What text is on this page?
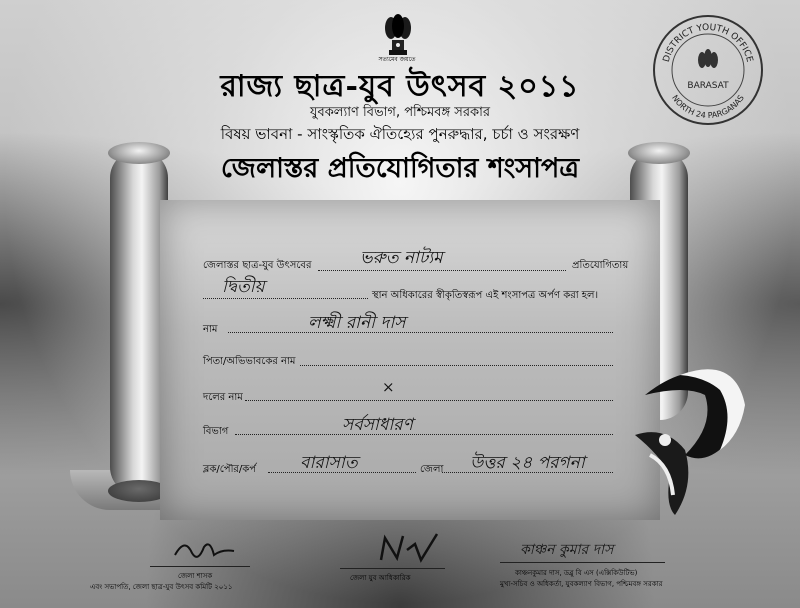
সত্যমেব জয়তে	DISTRICT YOUTH OFFICE
NORTH 24 PARGANAS
BARASAT
রাজ্য ছাত্র-যুব উৎসব ২০১১
যুবকল্যাণ বিভাগ, পশ্চিমবঙ্গ সরকার
বিষয় ভাবনা - সাংস্কৃতিক ঐতিহ্যের পুনরুদ্ধার, চর্চা ও সংরক্ষণ
জেলাস্তর প্রতিযোগিতার শংসাপত্র
জেলাস্তর ছাত্র-যুব উৎসবের	ভরুত নাট্যম	প্রতিযোগিতায়
দ্বিতীয়	স্থান অধিকারের স্বীকৃতিস্বরূপ এই শংসাপত্র অর্পণ করা হল।
নাম	লক্ষ্মী রানী দাস
পিতা/অভিভাবকের নাম
দলের নাম
×
বিভাগ	সর্বসাধারণ
ব্লক/পৌর/কর্প	বারাসাত	জেলা উত্তর ২৪ পরগনা
জেলা শাসক
এবং সভাপতি, জেলা ছাত্র-যুব উৎসব কমিটি ২০১১
জেলা যুব আধিকারিক
কাঞ্চন কুমার দাস
কাঞ্চনকুমার দাস, ডব্লু বি এস (এক্সিকিউটিভ)
মুখ্য-সচিব ও অধিকর্তা, যুবকল্যাণ বিভাগ, পশ্চিমবঙ্গ সরকার
